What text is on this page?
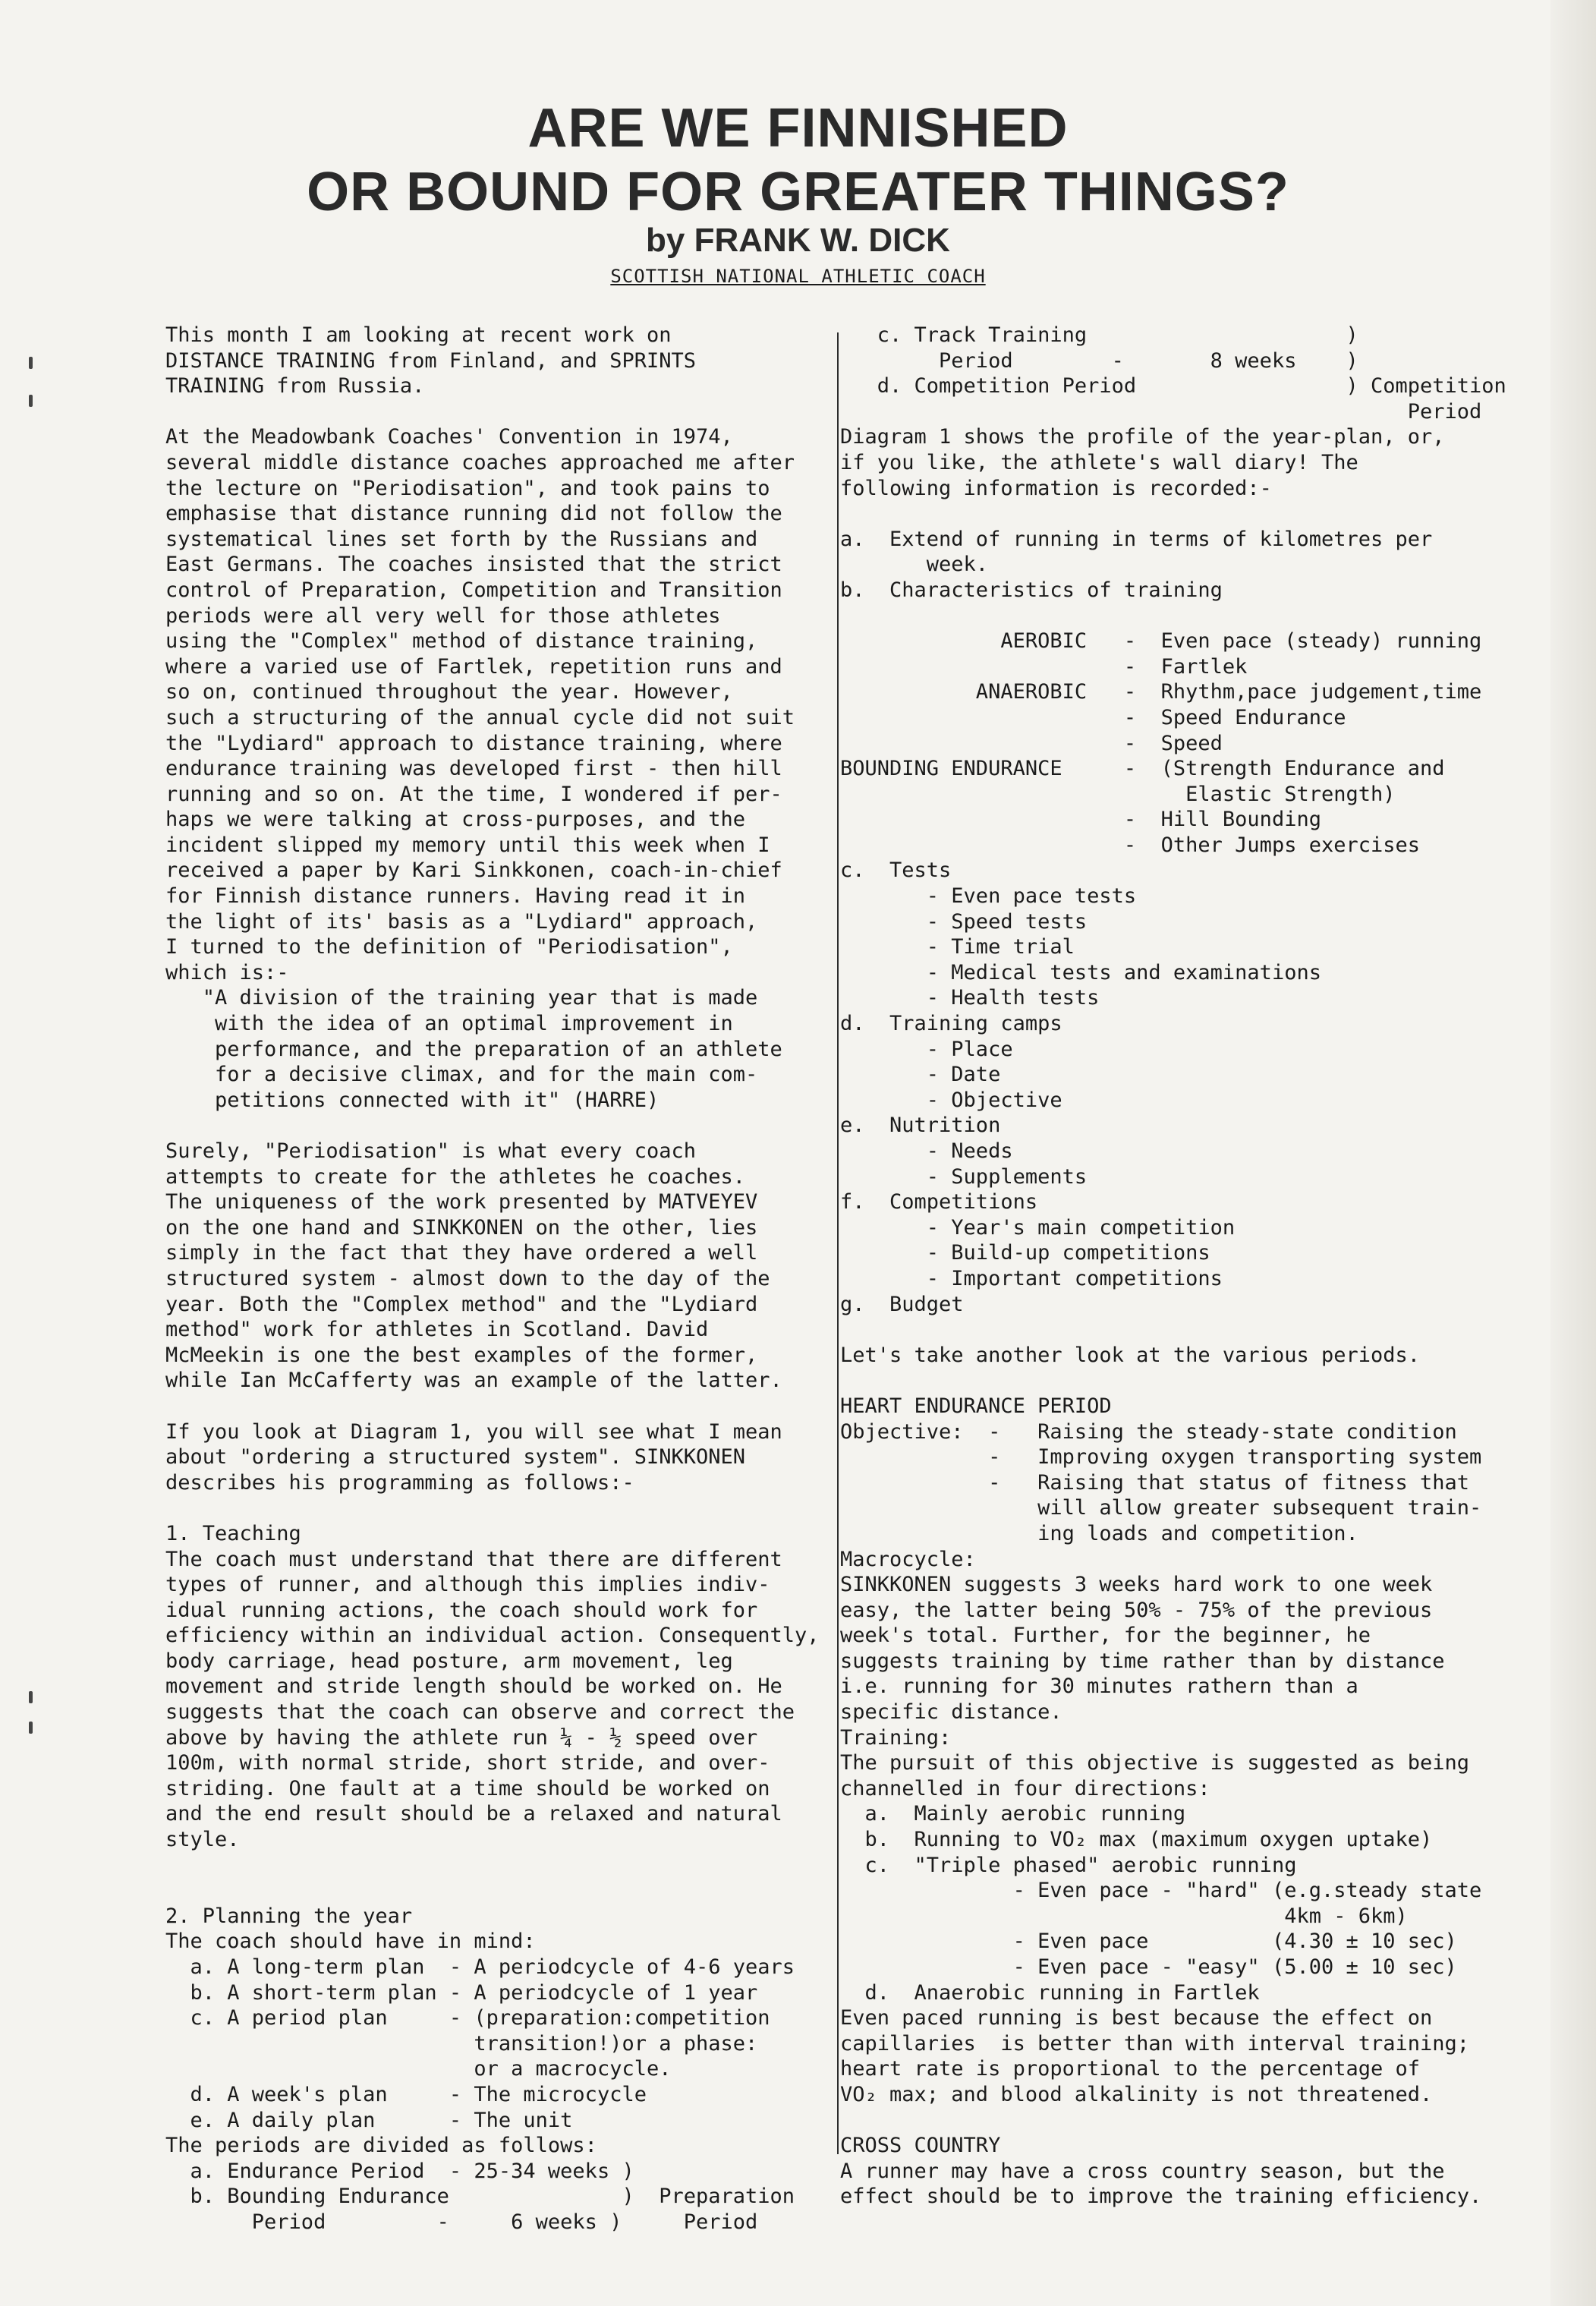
ARE WE FINNISHED
OR BOUND FOR GREATER THINGS?
by FRANK W. DICK
SCOTTISH NATIONAL ATHLETIC COACH

This month I am looking at recent work on

DISTANCE TRAINING from Finland, and SPRINTS

TRAINING from Russia.

At the Meadowbank Coaches' Convention in 1974,

several middle distance coaches approached me after

the lecture on "Periodisation", and took pains to

emphasise that distance running did not follow the

systematical lines set forth by the Russians and

East Germans. The coaches insisted that the strict

control of Preparation, Competition and Transition

periods were all very well for those athletes

using the "Complex" method of distance training,

where a varied use of Fartlek, repetition runs and

so on, continued throughout the year. However,

such a structuring of the annual cycle did not suit

the "Lydiard" approach to distance training, where

endurance training was developed first - then hill

running and so on. At the time, I wondered if per-

haps we were talking at cross-purposes, and the

incident slipped my memory until this week when I

received a paper by Kari Sinkkonen, coach-in-chief

for Finnish distance runners. Having read it in

the light of its' basis as a "Lydiard" approach,

I turned to the definition of "Periodisation",

which is:-

"A division of the training year that is made

with the idea of an optimal improvement in

performance, and the preparation of an athlete

for a decisive climax, and for the main com-

petitions connected with it" (HARRE)

Surely, "Periodisation" is what every coach

attempts to create for the athletes he coaches.

The uniqueness of the work presented by MATVEYEV

on the one hand and SINKKONEN on the other, lies

simply in the fact that they have ordered a well

structured system - almost down to the day of the

year. Both the "Complex method" and the "Lydiard

method" work for athletes in Scotland. David

McMeekin is one the best examples of the former,

while Ian McCafferty was an example of the latter.

If you look at Diagram 1, you will see what I mean

about "ordering a structured system". SINKKONEN

describes his programming as follows:-

1. Teaching

The coach must understand that there are different

types of runner, and although this implies indiv-

idual running actions, the coach should work for

efficiency within an individual action. Consequently,

body carriage, head posture, arm movement, leg

movement and stride length should be worked on. He

suggests that the coach can observe and correct the

above by having the athlete run ¼ - ½ speed over

100m, with normal stride, short stride, and over-

striding. One fault at a time should be worked on

and the end result should be a relaxed and natural

style.

2. Planning the year

The coach should have in mind:

a. A long-term plan  - A periodcycle of 4-6 years

b. A short-term plan - A periodcycle of 1 year

c. A period plan     - (preparation:competition

transition!)or a phase:

or a macrocycle.

d. A week's plan     - The microcycle

e. A daily plan      - The unit

The periods are divided as follows:

a. Endurance Period  - 25-34 weeks )

b. Bounding Endurance              )  Preparation

Period         -     6 weeks )     Period

c. Track Training                     )

Period        -       8 weeks    )

d. Competition Period                 ) Competition

Period

Diagram 1 shows the profile of the year-plan, or,

if you like, the athlete's wall diary! The

following information is recorded:-

a.  Extend of running in terms of kilometres per

week.

b.  Characteristics of training

AEROBIC   -  Even pace (steady) running

-  Fartlek

ANAEROBIC   -  Rhythm,pace judgement,time

-  Speed Endurance

-  Speed

BOUNDING ENDURANCE     -  (Strength Endurance and

Elastic Strength)

-  Hill Bounding

-  Other Jumps exercises

c.  Tests

- Even pace tests

- Speed tests

- Time trial

- Medical tests and examinations

- Health tests

d.  Training camps

- Place

- Date

- Objective

e.  Nutrition

- Needs

- Supplements

f.  Competitions

- Year's main competition

- Build-up competitions

- Important competitions

g.  Budget

Let's take another look at the various periods.

HEART ENDURANCE PERIOD

Objective:  -   Raising the steady-state condition

-   Improving oxygen transporting system

-   Raising that status of fitness that

will allow greater subsequent train-

ing loads and competition.

Macrocycle:

SINKKONEN suggests 3 weeks hard work to one week

easy, the latter being 50% - 75% of the previous

week's total. Further, for the beginner, he

suggests training by time rather than by distance

i.e. running for 30 minutes rathern than a

specific distance.

Training:

The pursuit of this objective is suggested as being

channelled in four directions:

a.  Mainly aerobic running

b.  Running to VO₂ max (maximum oxygen uptake)

c.  "Triple phased" aerobic running

- Even pace - "hard" (e.g.steady state

4km - 6km)

- Even pace          (4.30 ± 10 sec)

- Even pace - "easy" (5.00 ± 10 sec)

d.  Anaerobic running in Fartlek

Even paced running is best because the effect on

capillaries  is better than with interval training;

heart rate is proportional to the percentage of

VO₂ max; and blood alkalinity is not threatened.

CROSS COUNTRY

A runner may have a cross country season, but the

effect should be to improve the training efficiency.
